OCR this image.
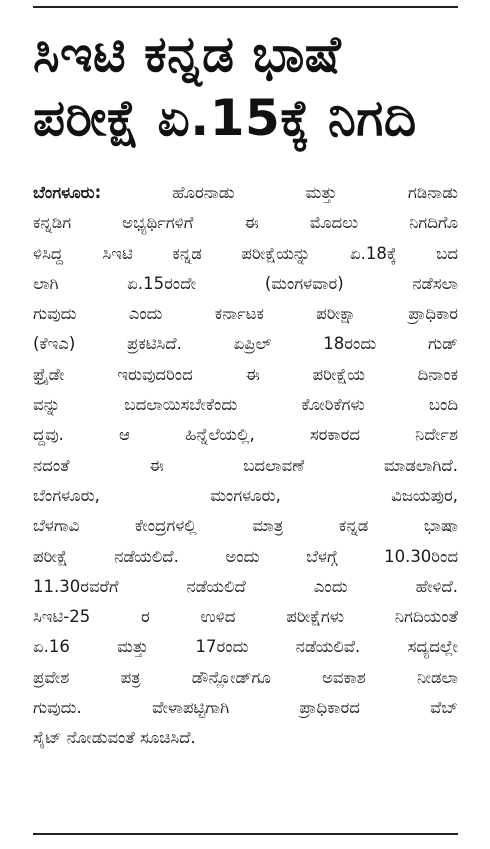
ಸಿಇಟಿ ಕನ್ನಡ ಭಾಷೆ
ಪರೀಕ್ಷೆ ಏ.15ಕ್ಕೆ ನಿಗದಿ
ಬೆಂಗಳೂರು: ಹೊರನಾಡು ಮತ್ತು ಗಡಿನಾಡು
ಕನ್ನಡಿಗ ಅಭ್ಯರ್ಥಿಗಳಿಗೆ ಈ ಮೊದಲು ನಿಗದಿಗೊ
ಳಿಸಿದ್ದ ಸಿಇಟಿ ಕನ್ನಡ ಪರೀಕ್ಷೆಯನ್ನು ಏ.18ಕ್ಕೆ ಬದ
ಲಾಗಿ ಏ.15ರಂದೇ (ಮಂಗಳವಾರ) ನಡೆಸಲಾ
ಗುವುದು ಎಂದು ಕರ್ನಾಟಕ ಪರೀಕ್ಷಾ ಪ್ರಾಧಿಕಾರ
(ಕೆಇಎ) ಪ್ರಕಟಿಸಿದೆ. ಏಪ್ರಿಲ್ 18ರಂದು ಗುಡ್
ಫ್ರೈಡೇ ಇರುವುದರಿಂದ ಈ ಪರೀಕ್ಷೆಯ ದಿನಾಂಕ
ವನ್ನು ಬದಲಾಯಿಸಬೇಕೆಂದು ಕೋರಿಕೆಗಳು ಬಂದಿ
ದ್ದವು. ಆ ಹಿನ್ನೆಲೆಯಲ್ಲಿ, ಸರಕಾರದ ನಿರ್ದೇಶ
ನದಂತೆ ಈ ಬದಲಾವಣೆ ಮಾಡಲಾಗಿದೆ.
ಬೆಂಗಳೂರು, ಮಂಗಳೂರು, ವಿಜಯಪುರ,
ಬೆಳಗಾವಿ ಕೇಂದ್ರಗಳಲ್ಲಿ ಮಾತ್ರ ಕನ್ನಡ ಭಾಷಾ
ಪರೀಕ್ಷೆ ನಡೆಯಲಿದೆ. ಅಂದು ಬೆಳಗ್ಗೆ 10.30ರಿಂದ
11.30ರವರೆಗೆ ನಡೆಯಲಿದೆ ಎಂದು ಹೇಳಿದೆ.
ಸಿಇಟಿ-25 ರ ಉಳಿದ ಪರೀಕ್ಷೆಗಳು ನಿಗದಿಯಂತೆ
ಏ.16 ಮತ್ತು 17ರಂದು ನಡೆಯಲಿವೆ. ಸದ್ಯದಲ್ಲೇ
ಪ್ರವೇಶ ಪತ್ರ ಡೌನ್ಲೋಡ್‌ಗೂ ಅವಕಾಶ ನೀಡಲಾ
ಗುವುದು. ವೇಳಾಪಟ್ಟಿಗಾಗಿ ಪ್ರಾಧಿಕಾರದ ವೆಬ್
ಸೈಟ್ ನೋಡುವಂತೆ ಸೂಚಿಸಿದೆ.
